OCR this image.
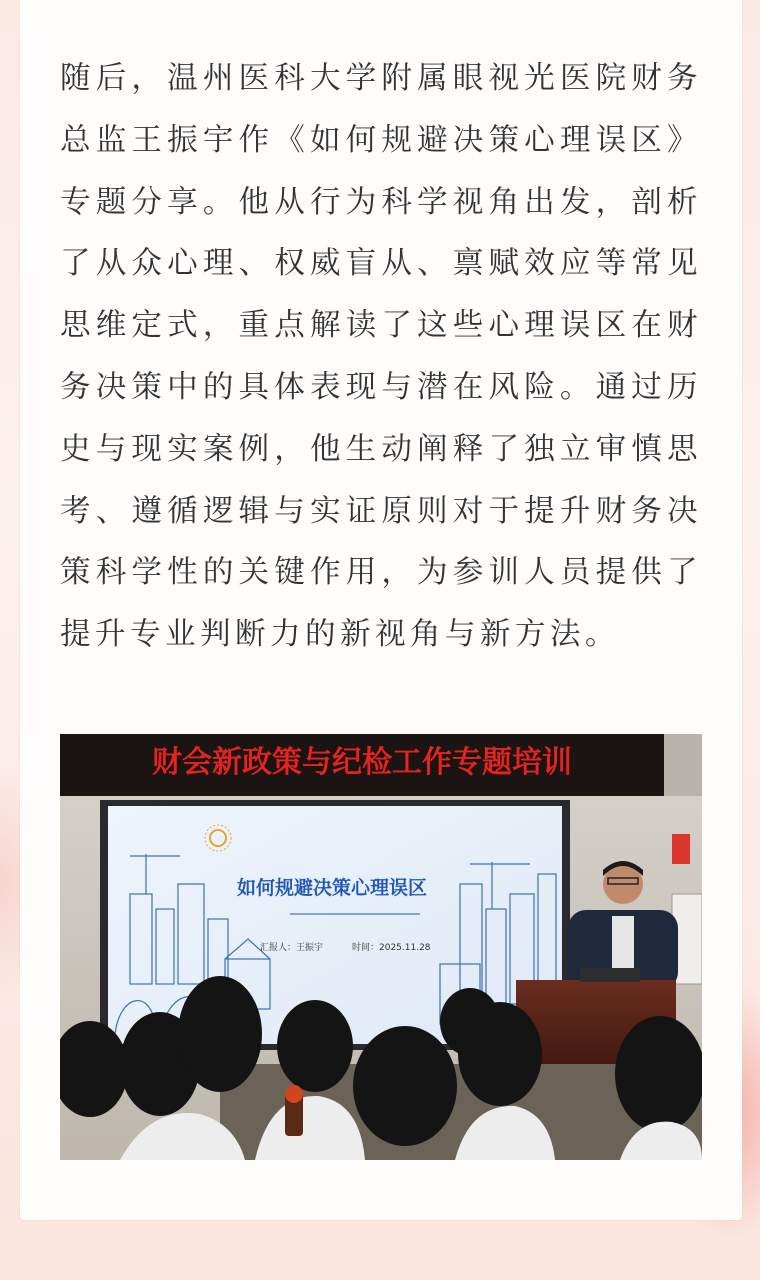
随后，温州医科大学附属眼视光医院财务总监王振宇作《如何规避决策心理误区》专题分享。他从行为科学视角出发，剖析了从众心理、权威盲从、禀赋效应等常见思维定式，重点解读了这些心理误区在财务决策中的具体表现与潜在风险。通过历史与现实案例，他生动阐释了独立审慎思考、遵循逻辑与实证原则对于提升财务决策科学性的关键作用，为参训人员提供了提升专业判断力的新视角与新方法。

财会新政策与纪检工作专题培训
如何规避决策心理误区
汇报人：王振宇	时间：2025.11.28
